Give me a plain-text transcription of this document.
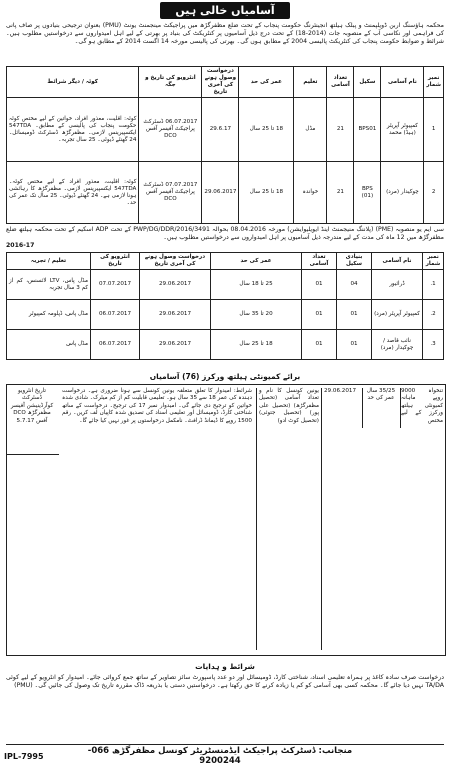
آسامیاں خالی ہیں
محکمہ ہاؤسنگ اربن ڈویلپمنٹ و پبلک ہیلتھ انجینئرنگ حکومت پنجاب کے تحت ضلع مظفرگڑھ میں پراجیکٹ مینجمنٹ یونٹ (PMU) بعنوان ترجیحی بنیادوں پر صاف پانی کی فراہمی اور نکاسی آب کے منصوبہ جات (2014-18) کے تحت درج ذیل آسامیوں پر کنٹریکٹ کی بنیاد پر بھرتی کے لیے اہل امیدواروں سے درخواستیں مطلوب ہیں۔ شرائط و ضوابط حکومت پنجاب کی کنٹریکٹ پالیسی 2004 کے مطابق ہوں گی۔ بھرتی کی پالیسی مورخہ 14 اگست 2014 کے مطابق ہو گی۔
نمبر شمار	نام آسامی	سکیل	تعداد آسامی	تعلیم	عمر کی حد	درخواست وصول ہونے کی آخری تاریخ	انٹرویو کی تاریخ و جگہ	کوٹہ / دیگر شرائط
1	کمپیوٹر آپریٹر (ہیڈ) محمد	BPS01	21	مڈل	18 تا 25 سال	29.6.17	06.07.2017 ڈسٹرکٹ پراجیکٹ آفیسر آفس DCO	کوٹہ: اقلیت، معذور افراد، خواتین کے لیے مختص کوٹہ حکومت پنجاب کی پالیسی کے مطابق۔ 547TDA ایکسپیرینس لازمی۔ مظفرگڑھ ڈسٹرکٹ ڈومیسائل۔ 24 گھنٹے ڈیوٹی۔ 25 سال تجربہ۔
2	چوکیدار (مرد)	BPS (01)	21	خواندہ	18 تا 25 سال	29.06.2017	07.07.2017 ڈسٹرکٹ پراجیکٹ آفیسر آفس DCO	کوٹہ: اقلیت، معذور افراد کے لیے مختص کوٹہ۔ 547TDA ایکسپیرینس لازمی۔ مظفرگڑھ کا رہائشی ہونا لازمی ہے۔ 24 گھنٹے ڈیوٹی۔ 25 سال تک عمر کی حد۔
سی ایم یو منصوبہ (PME) (پلاننگ منیجمنٹ اینڈ ایویلیوایشن) مورخہ 08.04.2016 بحوالہ PWP/DG/DDR/2016/3491 کے تحت ADP اسکیم کے تحت محکمہ ہیلتھ ضلع مظفرگڑھ میں 12 ماہ کی مدت کے لیے مندرجہ ذیل آسامیوں پر اہل امیدواروں سے درخواستیں مطلوب ہیں۔
2016-17
نمبر شمار	نام آسامی	بنیادی سکیل	تعداد آسامی	عمر کی حد	درخواست وصول ہونے کی آخری تاریخ	انٹرویو کی تاریخ	تعلیم / تجربہ
1.	ڈرائیور	04	01	25 تا 18 سال	29.06.2017	07.07.2017	مڈل پاس، LTV لائسنس، کم از کم 3 سال تجربہ
2.	کمپیوٹر آپریٹر (مرد)	01	01	20 تا 35 سال	29.06.2017	06.07.2017	مڈل پاس، ڈپلومہ کمپیوٹر
3.	نائب قاصد / چوکیدار (مرد)	01	01	18 تا 25 سال	29.06.2017	06.07.2017	مڈل پاس
برائے کمیونٹی ہیلتھ ورکرز (76) آسامیاں
تاریخ انٹرویو ڈسٹرکٹ کوآرڈینیشن آفیسر مظفرگڑھ DCO آفس 5.7.17
شرائط: امیدوار کا تعلق متعلقہ یونین کونسل سے ہونا ضروری ہے۔ درخواست دہندہ کی عمر 18 سے 35 سال ہو۔ تعلیمی قابلیت کم از کم میٹرک۔ شادی شدہ خواتین کو ترجیح دی جائے گی۔ امیدوار نمبر 17 کی ترجیح۔ درخواست کے ساتھ شناختی کارڈ، ڈومیسائل اور تعلیمی اسناد کی تصدیق شدہ کاپیاں لف کریں۔ رقم 1500 روپے کا ڈیمانڈ ڈرافٹ۔ نامکمل درخواستوں پر غور نہیں کیا جائے گا۔
یونین کونسل کا نام و تعداد آسامی (تحصیل مظفرگڑھ) (تحصیل علی پور) (تحصیل جتوئی) (تحصیل کوٹ ادو)
29.06.2017	35/25 سال عمر کی حد
تنخواہ 9000 روپے ماہانہ کمیونٹی ہیلتھ ورکرز کے لیے مختص
شرائط و ہدایات
درخواست صرف سادہ کاغذ پر ہمراہ تعلیمی اسناد، شناختی کارڈ، ڈومیسائل اور دو عدد پاسپورٹ سائز تصاویر کے ساتھ جمع کروائی جائے۔ امیدوار کو انٹرویو کے لیے کوئی TA/DA نہیں دیا جائے گا۔ محکمہ کسی بھی آسامی کو کم یا زیادہ کرنے کا حق رکھتا ہے۔ درخواستیں دستی یا بذریعہ ڈاک مقررہ تاریخ تک وصول کی جائیں گی۔ (PMU)
منجانب: ڈسٹرکٹ پراجیکٹ ایڈمنسٹریٹر کونسل مظفرگڑھ 066-9200244
IPL-7995
